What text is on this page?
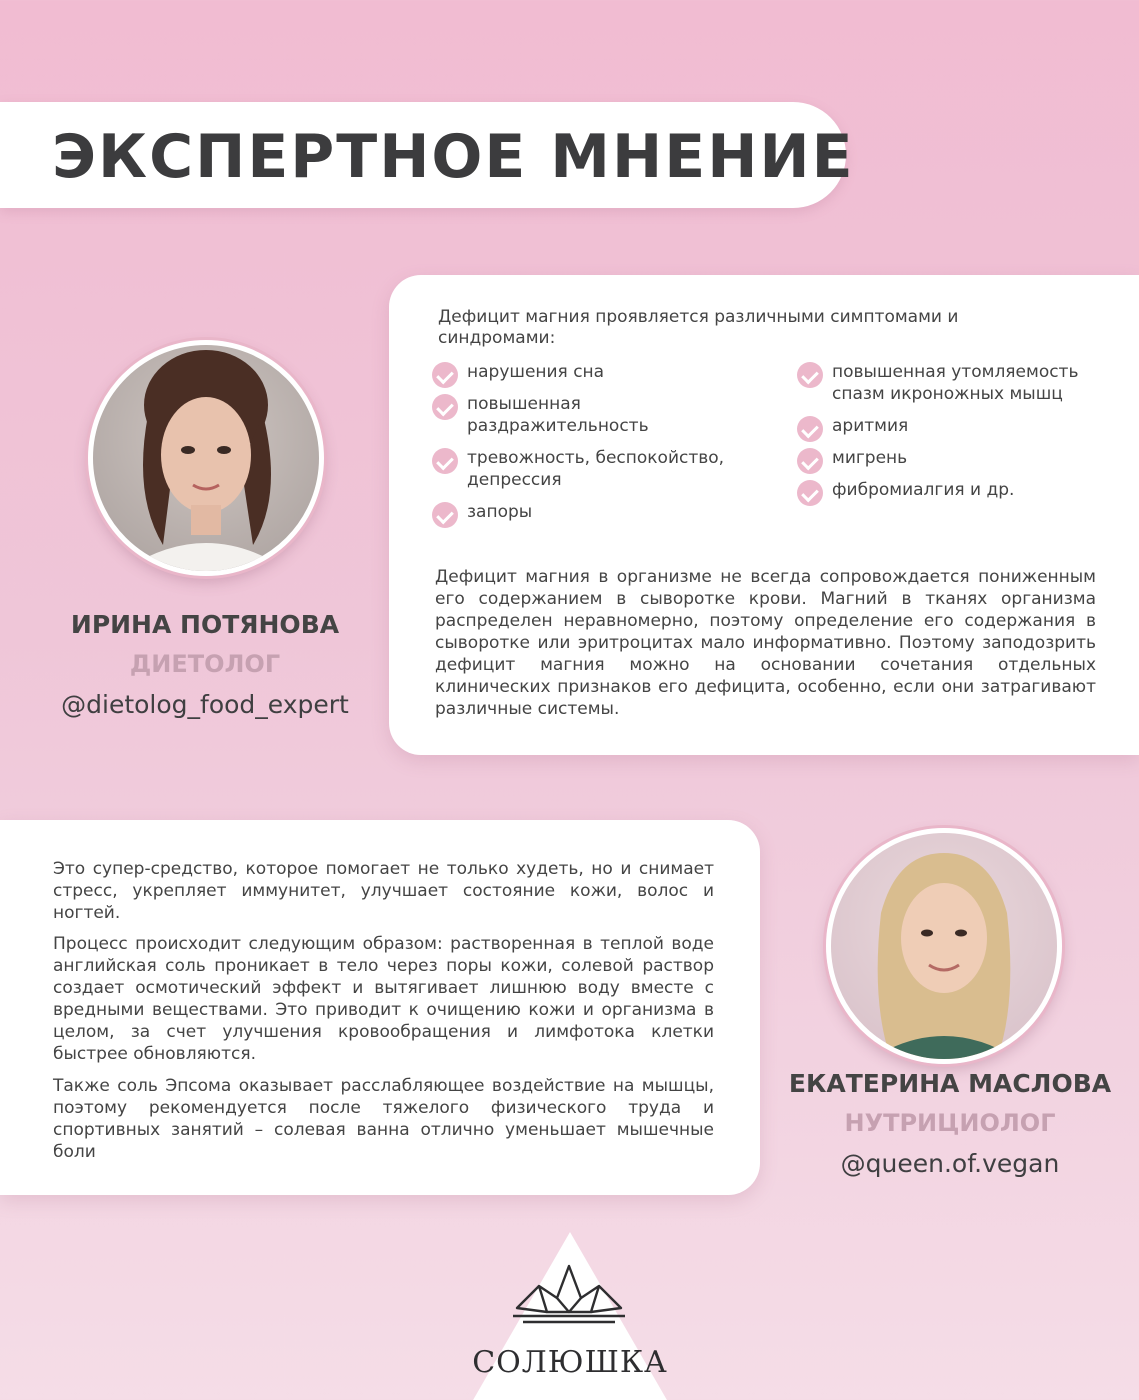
ЭКСПЕРТНОЕ МНЕНИЕ
Дефицит магния проявляется различными симптомами и синдромами:
нарушения сна
повышенная раздражительность
тревожность, беспокойство, депрессия
запоры
повышенная утомляемость спазм икроножных мышц
аритмия
мигрень
фибромиалгия и др.
Дефицит магния в организме не всегда сопровождается пониженным его содержанием в сыворотке крови. Магний в тканях организма распределен неравномерно, поэтому определение его содержания в сыворотке или эритроцитах мало информативно. Поэтому заподозрить дефицит магния можно на основании сочетания отдельных клинических признаков его дефицита, особенно, если они затрагивают различные системы.
ИРИНА ПОТЯНОВА
ДИЕТОЛОГ
@dietolog_food_expert
Это супер-средство, которое помогает не только худеть, но и снимает стресс, укрепляет иммунитет, улучшает состояние кожи, волос и ногтей.
Процесс происходит следующим образом: растворенная в теплой воде английская соль проникает в тело через поры кожи, солевой раствор создает осмотический эффект и вытягивает лишнюю воду вместе с вредными веществами. Это приводит к очищению кожи и организма в целом, за счет улучшения кровообращения и лимфотока клетки быстрее обновляются.
Также соль Эпсома оказывает расслабляющее воздействие на мышцы, поэтому рекомендуется после тяжелого физического труда и спортивных занятий – солевая ванна отлично уменьшает мышечные боли
ЕКАТЕРИНА МАСЛОВА
НУТРИЦИОЛОГ
@queen.of.vegan
СОЛЮШКА
